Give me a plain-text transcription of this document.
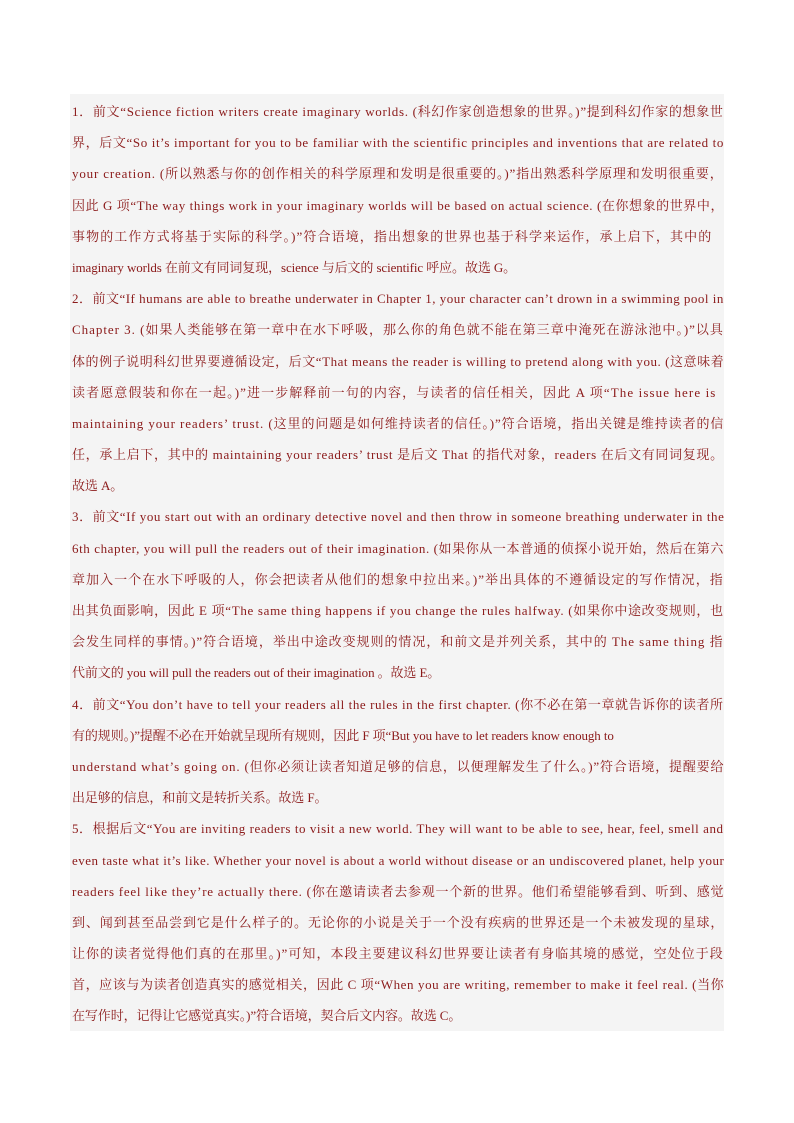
1．前文“Science fiction writers create imaginary worlds. (科幻作家创造想象的世界。)”提到科幻作家的想象世
界，后文“So it’s important for you to be familiar with the scientific principles and inventions that are related to
your creation. (所以熟悉与你的创作相关的科学原理和发明是很重要的。)”指出熟悉科学原理和发明很重要，
因此 G 项“The way things work in your imaginary worlds will be based on actual science. (在你想象的世界中，
事物的工作方式将基于实际的科学。)”符合语境，指出想象的世界也基于科学来运作，承上启下，其中的
imaginary worlds 在前文有同词复现，science 与后文的 scientific 呼应。故选 G。
2．前文“If humans are able to breathe underwater in Chapter 1, your character can’t drown in a swimming pool in
Chapter 3. (如果人类能够在第一章中在水下呼吸，那么你的角色就不能在第三章中淹死在游泳池中。)”以具
体的例子说明科幻世界要遵循设定，后文“That means the reader is willing to pretend along with you. (这意味着
读者愿意假装和你在一起。)”进一步解释前一句的内容，与读者的信任相关，因此 A 项“The issue here is
maintaining your readers’ trust. (这里的问题是如何维持读者的信任。)”符合语境，指出关键是维持读者的信
任，承上启下，其中的 maintaining your readers’ trust 是后文 That 的指代对象，readers 在后文有同词复现。
故选 A。
3．前文“If you start out with an ordinary detective novel and then throw in someone breathing underwater in the
6th chapter, you will pull the readers out of their imagination. (如果你从一本普通的侦探小说开始，然后在第六
章加入一个在水下呼吸的人，你会把读者从他们的想象中拉出来。)”举出具体的不遵循设定的写作情况，指
出其负面影响，因此 E 项“The same thing happens if you change the rules halfway. (如果你中途改变规则，也
会发生同样的事情。)”符合语境，举出中途改变规则的情况，和前文是并列关系，其中的 The same thing 指
代前文的 you will pull the readers out of their imagination 。故选 E。
4．前文“You don’t have to tell your readers all the rules in the first chapter. (你不必在第一章就告诉你的读者所
有的规则。)”提醒不必在开始就呈现所有规则，因此 F 项“But you have to let readers know enough to
understand what’s going on. (但你必须让读者知道足够的信息，以便理解发生了什么。)”符合语境，提醒要给
出足够的信息，和前文是转折关系。故选 F。
5．根据后文“You are inviting readers to visit a new world. They will want to be able to see, hear, feel, smell and
even taste what it’s like. Whether your novel is about a world without disease or an undiscovered planet, help your
readers feel like they’re actually there. (你在邀请读者去参观一个新的世界。他们希望能够看到、听到、感觉
到、闻到甚至品尝到它是什么样子的。无论你的小说是关于一个没有疾病的世界还是一个未被发现的星球，
让你的读者觉得他们真的在那里。)”可知，本段主要建议科幻世界要让读者有身临其境的感觉，空处位于段
首，应该与为读者创造真实的感觉相关，因此 C 项“When you are writing, remember to make it feel real. (当你
在写作时，记得让它感觉真实。)”符合语境，契合后文内容。故选 C。
